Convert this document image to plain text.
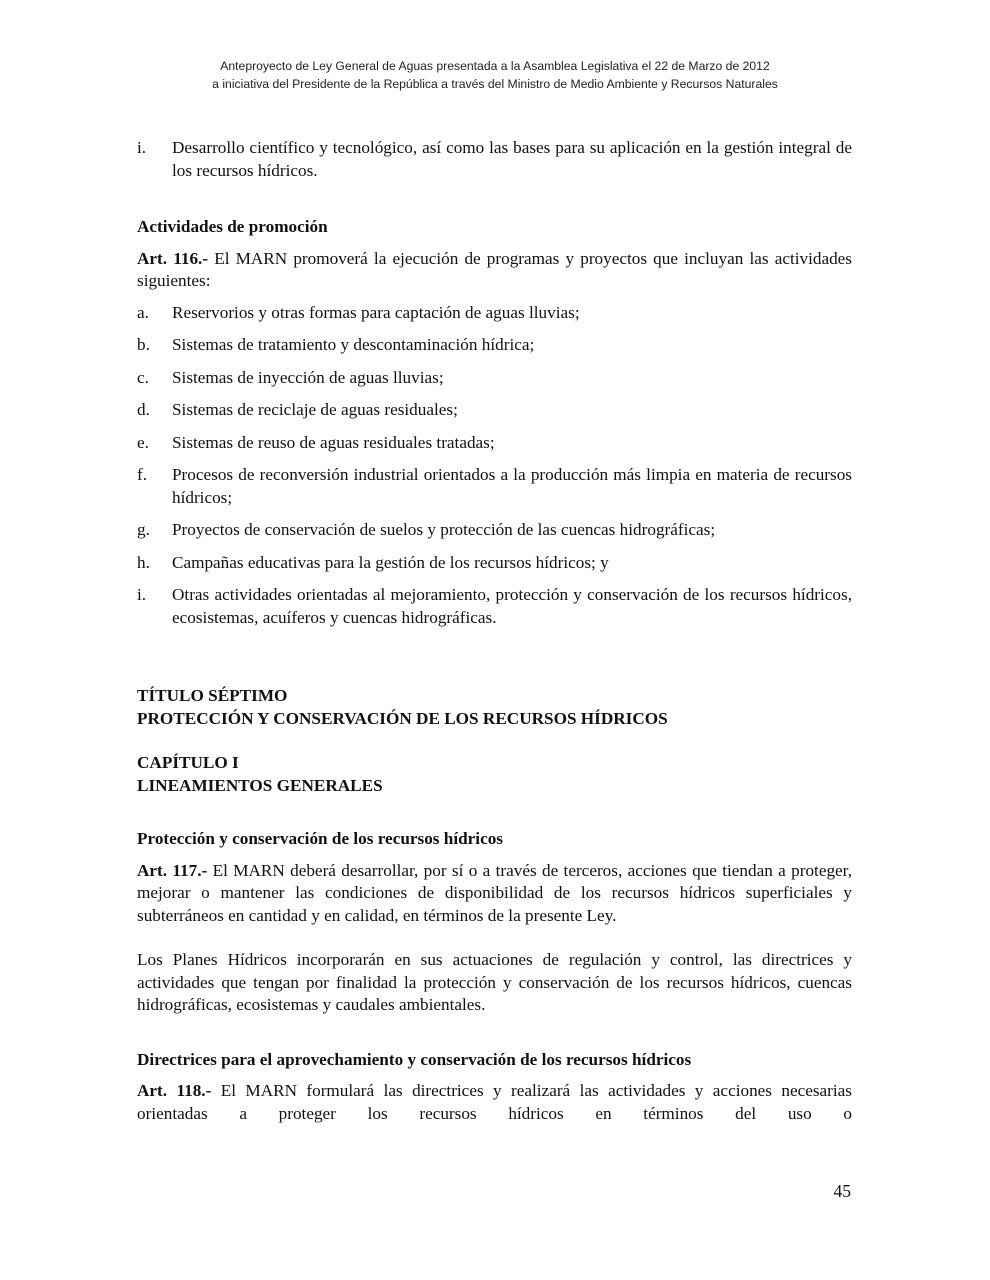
Anteproyecto de Ley General de Aguas presentada a la Asamblea Legislativa el 22 de Marzo de 2012
a iniciativa del Presidente de la República a través del Ministro de Medio Ambiente y Recursos Naturales
i.	Desarrollo científico y tecnológico, así como las bases para su aplicación en la gestión integral de los recursos hídricos.

Actividades de promoción

Art. 116.- El MARN promoverá la ejecución de programas y proyectos que incluyan las actividades siguientes:

a.	Reservorios y otras formas para captación de aguas lluvias;
b.	Sistemas de tratamiento y descontaminación hídrica;
c.	Sistemas de inyección de aguas lluvias;
d.	Sistemas de reciclaje de aguas residuales;
e.	Sistemas de reuso de aguas residuales tratadas;
f.	Procesos de reconversión industrial orientados a la producción más limpia en materia de recursos hídricos;
g.	Proyectos de conservación de suelos y protección de las cuencas hidrográficas;
h.	Campañas educativas para la gestión de los recursos hídricos; y
i.	Otras actividades orientadas al mejoramiento, protección y conservación de los recursos hídricos, ecosistemas, acuíferos y cuencas hidrográficas.

TÍTULO SÉPTIMO

PROTECCIÓN Y CONSERVACIÓN DE LOS RECURSOS HÍDRICOS

CAPÍTULO I

LINEAMIENTOS GENERALES

Protección y conservación de los recursos hídricos

Art. 117.- El MARN deberá desarrollar, por sí o a través de terceros, acciones que tiendan a proteger, mejorar o mantener las condiciones de disponibilidad de los recursos hídricos superficiales y subterráneos en cantidad y en calidad, en términos de la presente Ley.

Los Planes Hídricos incorporarán en sus actuaciones de regulación y control, las directrices y actividades que tengan por finalidad la protección y conservación de los recursos hídricos, cuencas hidrográficas, ecosistemas y caudales ambientales.

Directrices para el aprovechamiento y conservación de los recursos hídricos

Art. 118.- El MARN formulará las directrices y realizará las actividades y acciones necesarias orientadas a proteger los recursos hídricos en términos del uso o

45
